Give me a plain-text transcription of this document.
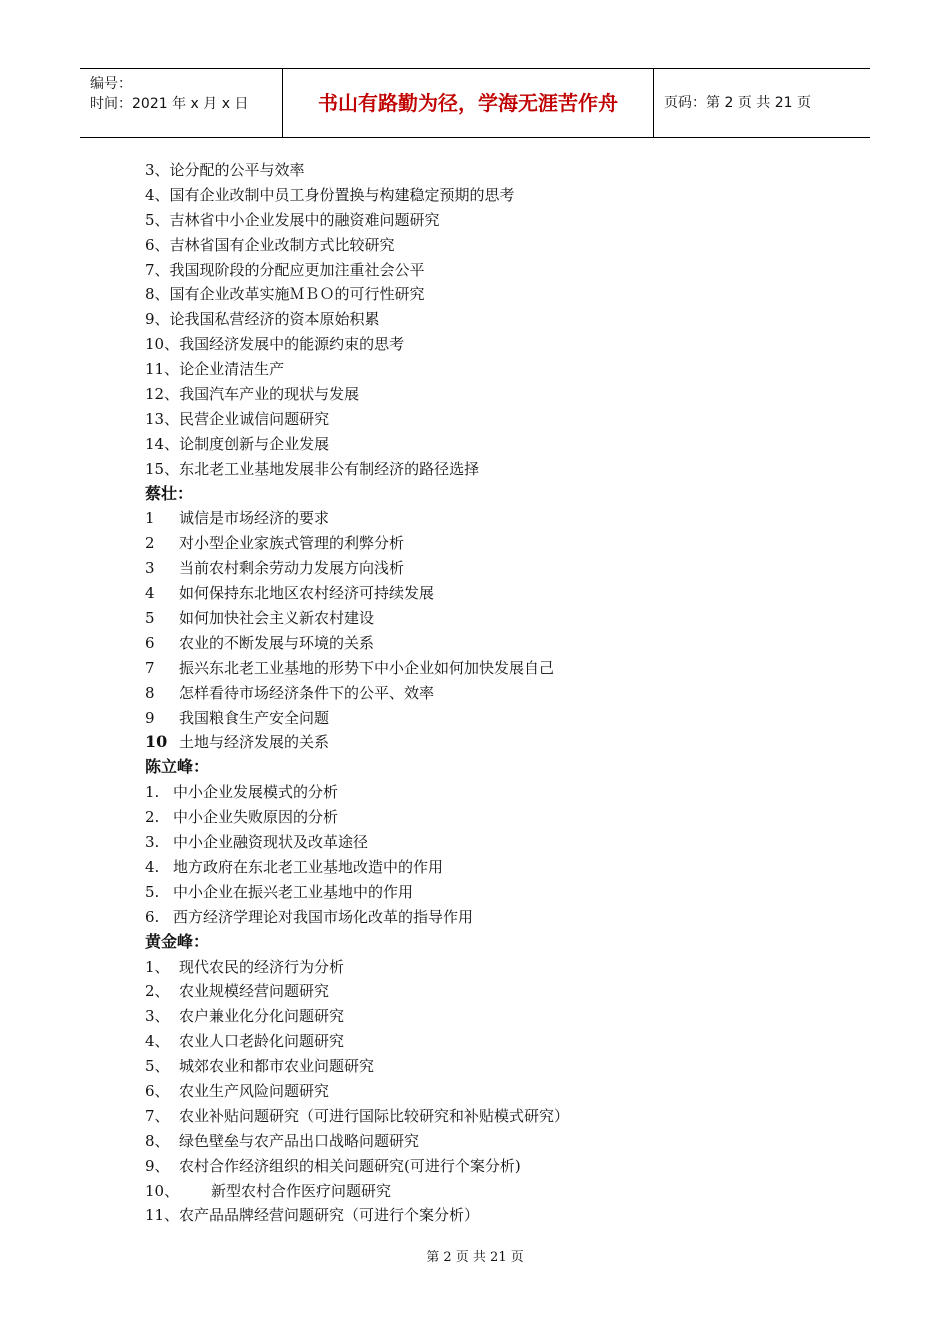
编号：
时间：2021 年 x 月 x 日	书山有路勤为径，学海无涯苦作舟	页码：第 2 页 共 21 页
3、论分配的公平与效率
4、国有企业改制中员工身份置换与构建稳定预期的思考
5、吉林省中小企业发展中的融资难问题研究
6、吉林省国有企业改制方式比较研究
7、我国现阶段的分配应更加注重社会公平
8、国有企业改革实施ＭＢＯ的可行性研究
9、论我国私营经济的资本原始积累
10、我国经济发展中的能源约束的思考
11、论企业清洁生产
12、我国汽车产业的现状与发展
13、民营企业诚信问题研究
14、论制度创新与企业发展
15、东北老工业基地发展非公有制经济的路径选择
蔡壮：
1 诚信是市场经济的要求
2 对小型企业家族式管理的利弊分析
3 当前农村剩余劳动力发展方向浅析
4 如何保持东北地区农村经济可持续发展
5 如何加快社会主义新农村建设
6 农业的不断发展与环境的关系
7 振兴东北老工业基地的形势下中小企业如何加快发展自己
8 怎样看待市场经济条件下的公平、效率
9 我国粮食生产安全问题
10 土地与经济发展的关系
陈立峰：
1. 中小企业发展模式的分析
2. 中小企业失败原因的分析
3. 中小企业融资现状及改革途径
4. 地方政府在东北老工业基地改造中的作用
5. 中小企业在振兴老工业基地中的作用
6. 西方经济学理论对我国市场化改革的指导作用
黄金峰：
1、 现代农民的经济行为分析
2、 农业规模经营问题研究
3、 农户兼业化分化问题研究
4、 农业人口老龄化问题研究
5、 城郊农业和都市农业问题研究
6、 农业生产风险问题研究
7、 农业补贴问题研究（可进行国际比较研究和补贴模式研究）
8、 绿色壁垒与农产品出口战略问题研究
9、 农村合作经济组织的相关问题研究(可进行个案分析)
10、 新型农村合作医疗问题研究
11、农产品品牌经营问题研究（可进行个案分析）
第 2 页 共 21 页
